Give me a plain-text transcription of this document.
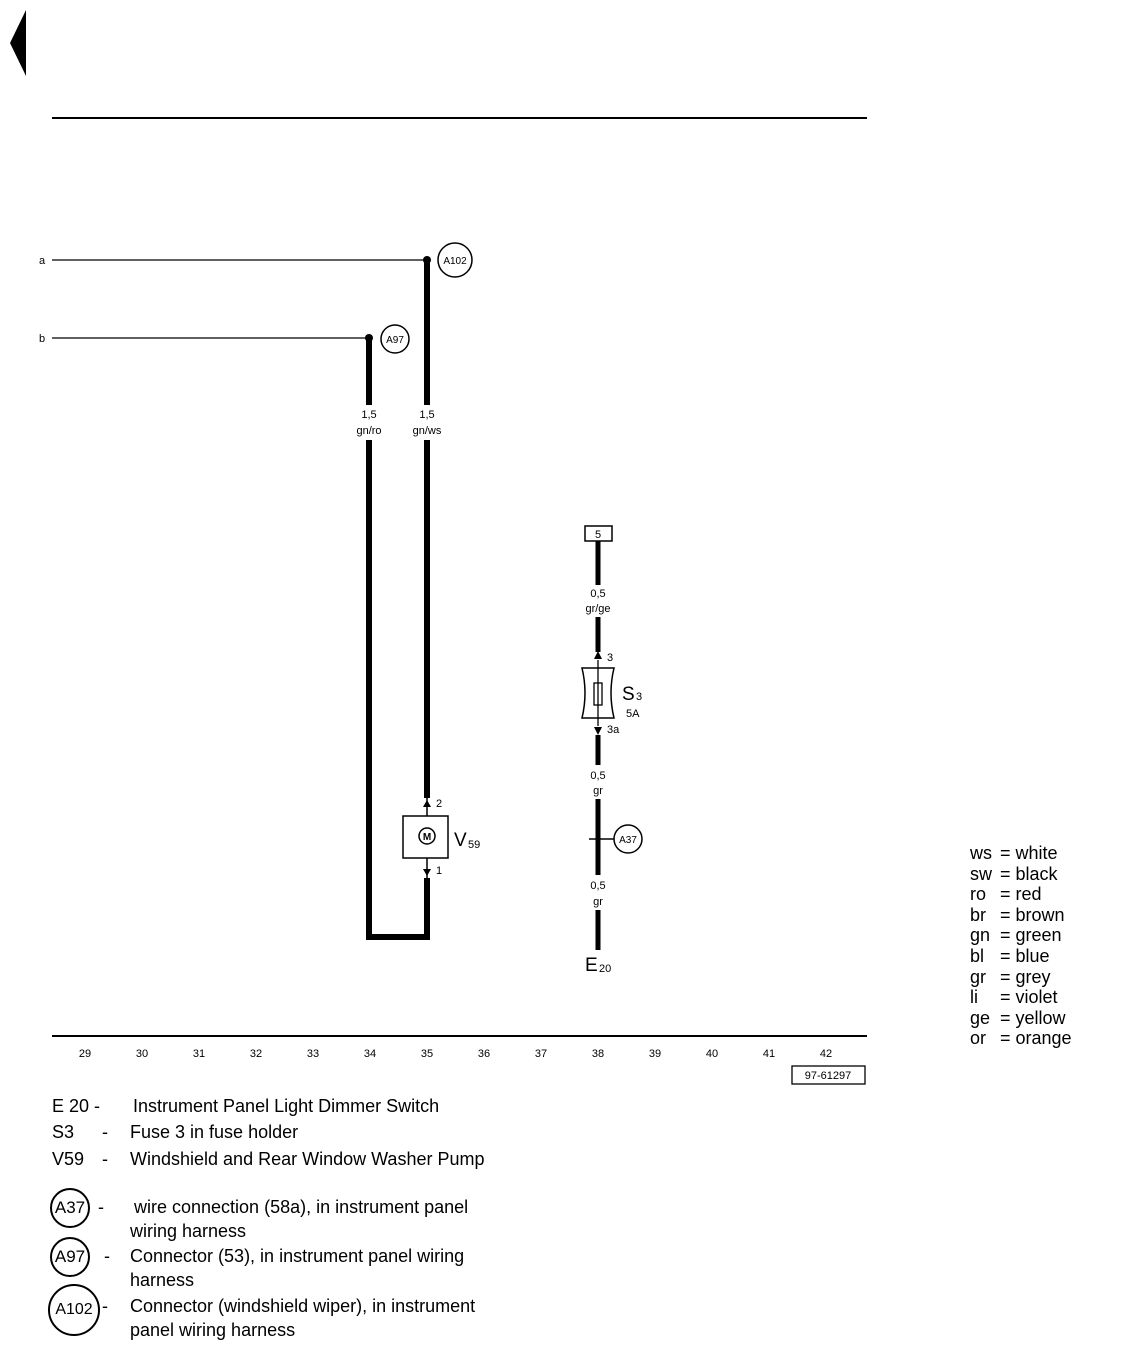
a	A102
b	A97
1,5
gn/ws
1,5
gn/ro
2
M
1
V 59
5
0,5
gr/ge
3
S 3
5A
3a
0,5
gr
A37
0,5
gr
E 20
29	30	31	32	33	34	35	36	37	38	39	40	41	42
97-61297
E 20 - Instrument Panel Light Dimmer Switch
S3 - Fuse 3 in fuse holder
V59 - Windshield and Rear Window Washer Pump
A37 - wire connection (58a), in instrument panel
wiring harness
A97 - Connector (53), in instrument panel wiring
harness
A102 - Connector (windshield wiper), in instrument
panel wiring harness
ws = white
sw = black
ro = red
br = brown
gn = green
bl = blue
gr = grey
li = violet
ge = yellow
or = orange
